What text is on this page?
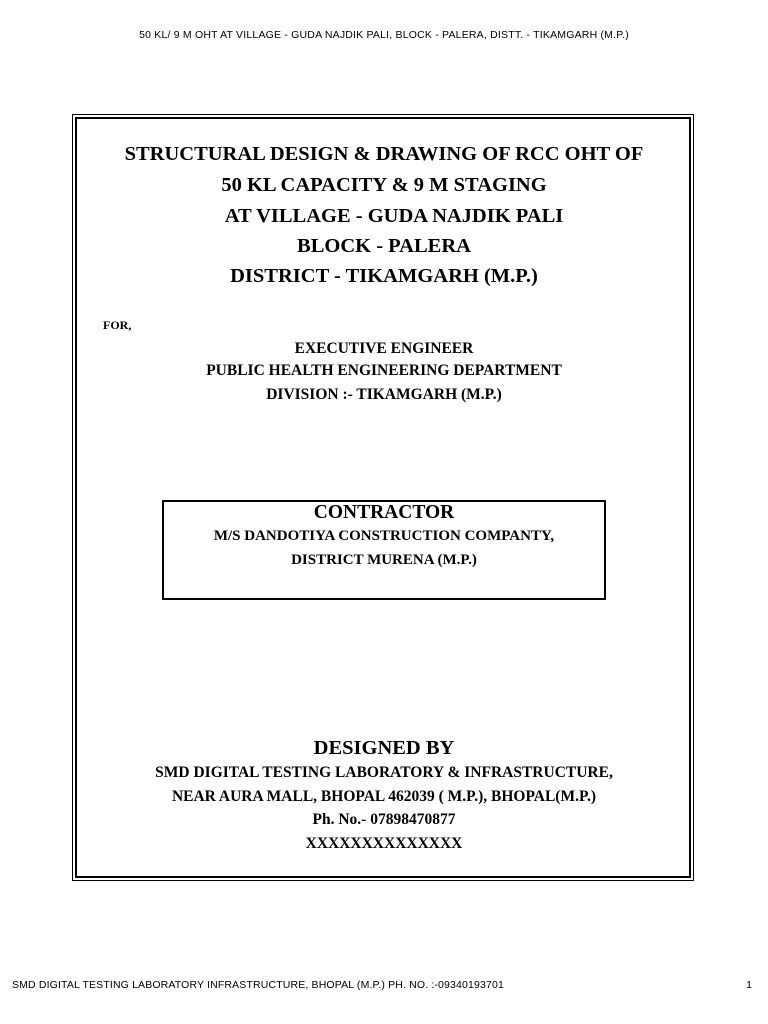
50 KL/ 9 M OHT AT VILLAGE - GUDA NAJDIK PALI, BLOCK - PALERA, DISTT. - TIKAMGARH (M.P.)
STRUCTURAL DESIGN & DRAWING OF RCC OHT OF
50 KL CAPACITY & 9 M STAGING
AT VILLAGE - GUDA NAJDIK PALI
BLOCK - PALERA
DISTRICT - TIKAMGARH (M.P.)
FOR,
EXECUTIVE ENGINEER
PUBLIC HEALTH ENGINEERING DEPARTMENT
DIVISION :- TIKAMGARH (M.P.)
CONTRACTOR
M/S DANDOTIYA CONSTRUCTION COMPANTY,
DISTRICT MURENA (M.P.)
DESIGNED BY
SMD DIGITAL TESTING LABORATORY & INFRASTRUCTURE,
NEAR AURA MALL, BHOPAL 462039 ( M.P.), BHOPAL(M.P.)
Ph. No.- 07898470877
XXXXXXXXXXXXXX
SMD DIGITAL TESTING LABORATORY INFRASTRUCTURE, BHOPAL (M.P.) PH. NO. :-09340193701	1
